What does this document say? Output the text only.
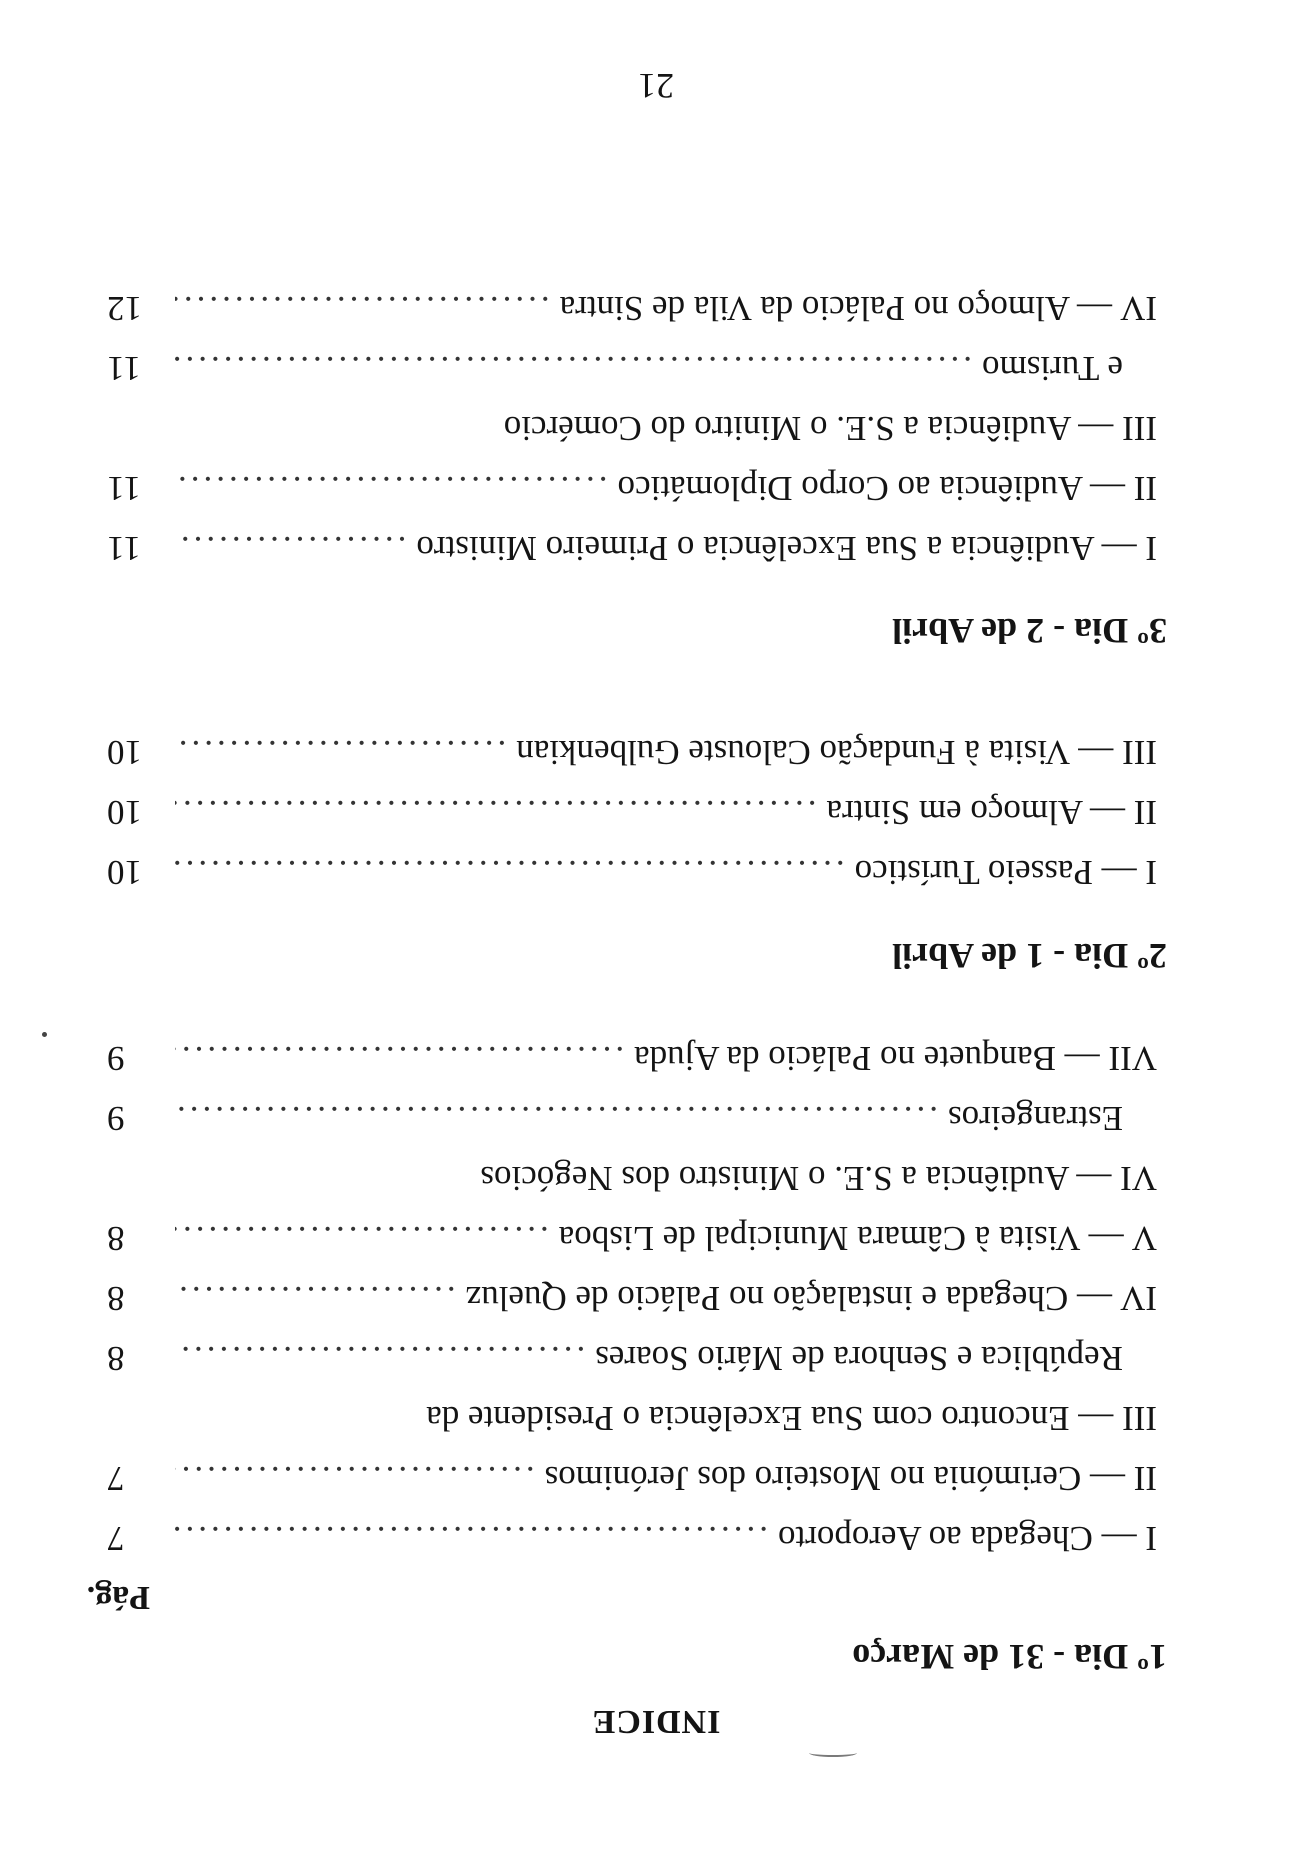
INDICE
1º Dia - 31 de Março
Pág.
I — Chegada ao Aeroporto
.....
7
II — Cerimónia no Mosteiro dos Jerónimos
.....
7
III — Encontro com Sua Excelência o Presidente da
República e Senhora de Mário Soares
.....
8
IV — Chegada e instalação no Palácio de Queluz
.....
8
V — Visita à Câmara Municipal de Lisboa
.....
8
VI — Audiência a S.E. o Ministro dos Negócios
Estrangeiros
.....
9
VII — Banquete no Palácio da Ajuda
.....
9
2º Dia - 1 de Abril
I — Passeio Turístico
.....
10
II — Almoço em Sintra
.....
10
III — Visita à Fundação Calouste Gulbenkian
.....
10
3º Dia - 2 de Abril
I — Audiência a Sua Excelência o Primeiro Ministro
.....
11
II — Audiência ao Corpo Diplomático
.....
11
III — Audiência a S.E. o Minitro do Comércio
e Turismo
.....
11
IV — Almoço no Palácio da Vila de Sintra
.....
12
21
